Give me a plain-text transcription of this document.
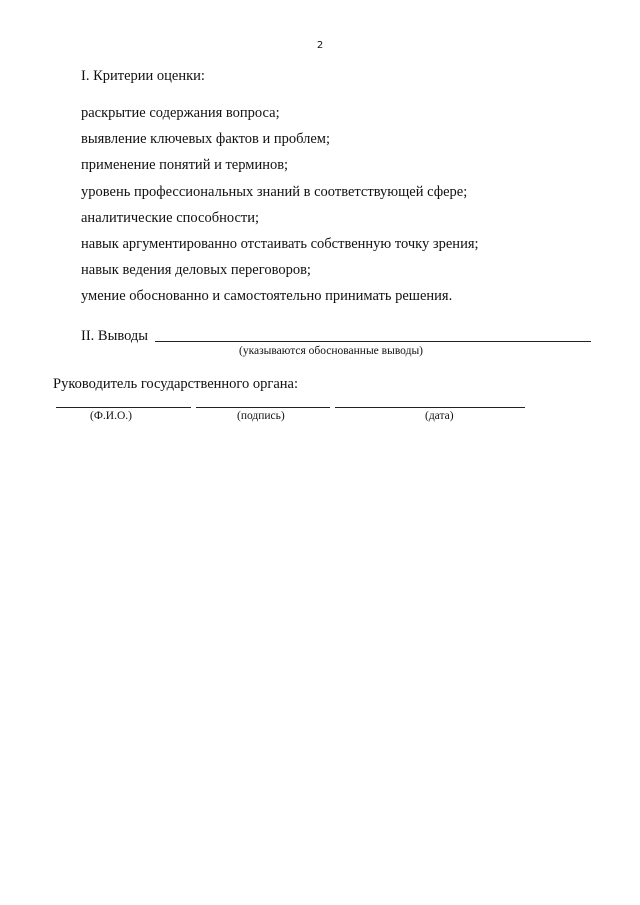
2
I. Критерии оценки:
раскрытие содержания вопроса;
выявление ключевых фактов и проблем;
применение понятий и терминов;
уровень профессиональных знаний в соответствующей сфере;
аналитические способности;
навык аргументированно отстаивать собственную точку зрения;
навык ведения деловых переговоров;
умение обоснованно и самостоятельно принимать решения.
II. Выводы
(указываются обоснованные выводы)
Руководитель государственного органа:
(Ф.И.О.)	(подпись)	(дата)
